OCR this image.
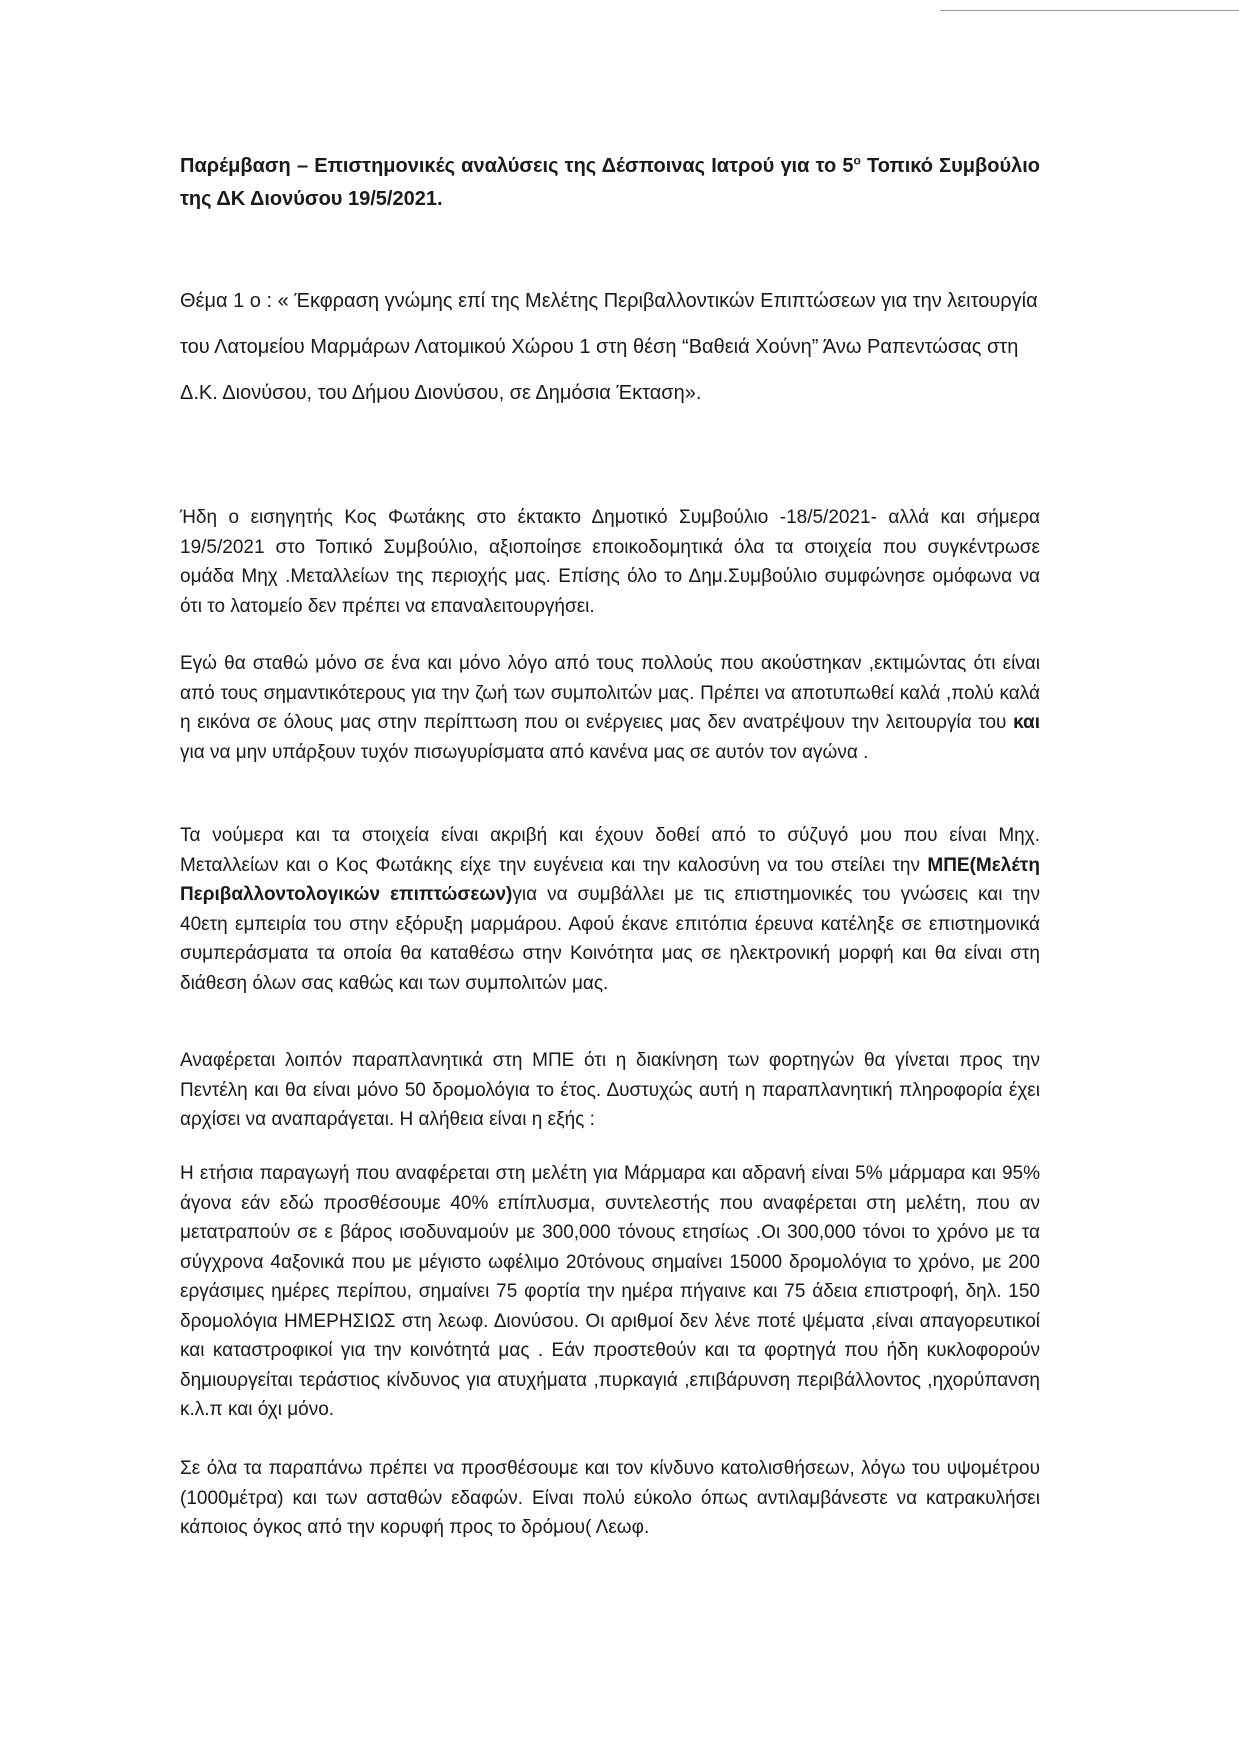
Παρέμβαση – Επιστημονικές αναλύσεις της Δέσποινας Ιατρού για το $5^o$ Τοπικό Συμβούλιο της ΔΚ Διονύσου 19/5/2021.

Θέμα 1 ο : « Έκφραση γνώμης επί της Μελέτης Περιβαλλοντικών Επιπτώσεων για την λειτουργία του Λατομείου Μαρμάρων Λατομικού Χώρου 1 στη θέση “Βαθειά Χούνη” Άνω Ραπεντώσας στη Δ.Κ. Διονύσου, του Δήμου Διονύσου, σε Δημόσια Έκταση».

Ήδη ο εισηγητής Κος Φωτάκης στο έκτακτο Δημοτικό Συμβούλιο -18/5/2021- αλλά και σήμερα 19/5/2021 στο Τοπικό Συμβούλιο, αξιοποίησε εποικοδομητικά όλα τα στοιχεία που συγκέντρωσε ομάδα Μηχ .Μεταλλείων της περιοχής μας. Επίσης όλο το Δημ.Συμβούλιο συμφώνησε ομόφωνα να ότι το λατομείο δεν πρέπει να επαναλειτουργήσει.

Εγώ θα σταθώ μόνο σε ένα και μόνο λόγο από τους πολλούς που ακούστηκαν ,εκτιμώντας ότι είναι από τους σημαντικότερους για την ζωή των συμπολιτών μας. Πρέπει να αποτυπωθεί καλά ,πολύ καλά η εικόνα σε όλους μας στην περίπτωση που οι ενέργειες μας δεν ανατρέψουν την λειτουργία του και για να μην υπάρξουν τυχόν πισωγυρίσματα από κανένα μας σε αυτόν τον αγώνα .

Τα νούμερα και τα στοιχεία είναι ακριβή και έχουν δοθεί από το σύζυγό μου που είναι Μηχ. Μεταλλείων και ο Κος Φωτάκης είχε την ευγένεια και την καλοσύνη να του στείλει την ΜΠΕ(Μελέτη Περιβαλλοντολογικών επιπτώσεων)για να συμβάλλει με τις επιστημονικές του γνώσεις και την 40ετη εμπειρία του στην εξόρυξη μαρμάρου. Αφού έκανε επιτόπια έρευνα κατέληξε σε επιστημονικά συμπεράσματα τα οποία θα καταθέσω στην Κοινότητα μας σε ηλεκτρονική μορφή και θα είναι στη διάθεση όλων σας καθώς και των συμπολιτών μας.

Αναφέρεται λοιπόν παραπλανητικά στη ΜΠΕ ότι η διακίνηση των φορτηγών θα γίνεται προς την Πεντέλη και θα είναι μόνο 50 δρομολόγια το έτος. Δυστυχώς αυτή η παραπλανητική πληροφορία έχει αρχίσει να αναπαράγεται. Η αλήθεια είναι η εξής :

Η ετήσια παραγωγή που αναφέρεται στη μελέτη για Μάρμαρα και αδρανή είναι 5% μάρμαρα και 95% άγονα εάν εδώ προσθέσουμε 40% επίπλυσμα, συντελεστής που αναφέρεται στη μελέτη, που αν μετατραπούν σε ε βάρος ισοδυναμούν με 300,000 τόνους ετησίως .Οι 300,000 τόνοι το χρόνο με τα σύγχρονα 4αξονικά που με μέγιστο ωφέλιμο 20τόνους σημαίνει 15000 δρομολόγια το χρόνο, με 200 εργάσιμες ημέρες περίπου, σημαίνει 75 φορτία την ημέρα πήγαινε και 75 άδεια επιστροφή, δηλ. 150 δρομολόγια ΗΜΕΡΗΣΙΩΣ στη λεωφ. Διονύσου. Οι αριθμοί δεν λένε ποτέ ψέματα ,είναι απαγορευτικοί και καταστροφικοί για την κοινότητά μας . Εάν προστεθούν και τα φορτηγά που ήδη κυκλοφορούν δημιουργείται τεράστιος κίνδυνος για ατυχήματα ,πυρκαγιά ,επιβάρυνση περιβάλλοντος ,ηχορύπανση κ.λ.π και όχι μόνο.

Σε όλα τα παραπάνω πρέπει να προσθέσουμε και τον κίνδυνο κατολισθήσεων, λόγω του υψομέτρου (1000μέτρα) και των ασταθών εδαφών. Είναι πολύ εύκολο όπως αντιλαμβάνεστε να κατρακυλήσει κάποιος όγκος από την κορυφή προς το δρόμου( Λεωφ.
